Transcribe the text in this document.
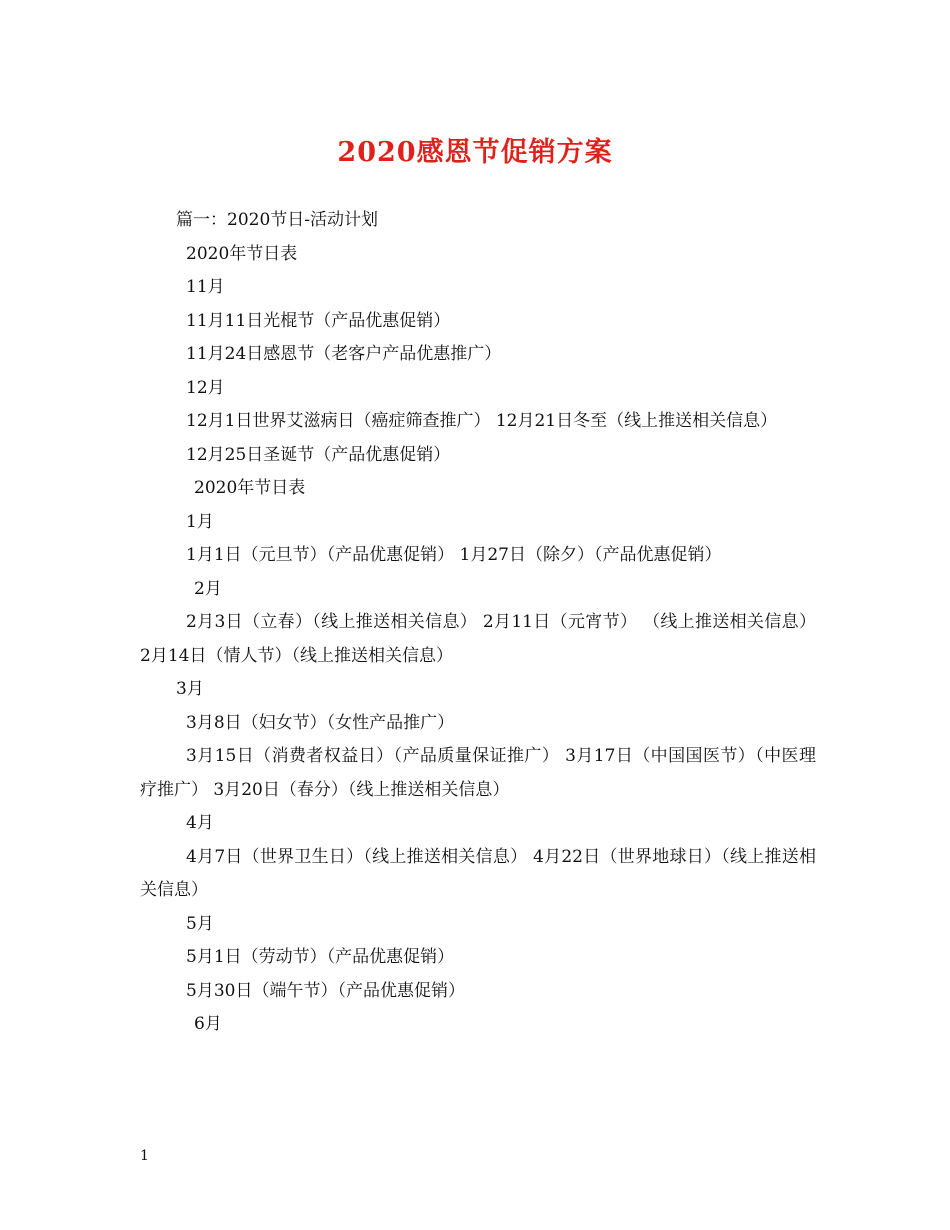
2020感恩节促销方案
篇一：2020节日-活动计划
2020年节日表
11月
11月11日光棍节（产品优惠促销）
11月24日感恩节（老客户产品优惠推广）
12月
12月1日世界艾滋病日（癌症筛查推广） 12月21日冬至（线上推送相关信息）
12月25日圣诞节（产品优惠促销）
2020年节日表
1月
1月1日（元旦节）（产品优惠促销） 1月27日（除夕）（产品优惠促销）
2月
2月3日（立春）（线上推送相关信息） 2月11日（元宵节） （线上推送相关信息） 2月14日（情人节）（线上推送相关信息）
3月
3月8日（妇女节）（女性产品推广）
3月15日（消费者权益日）（产品质量保证推广） 3月17日（中国国医节）（中医理疗推广） 3月20日（春分）（线上推送相关信息）
4月
4月7日（世界卫生日）（线上推送相关信息） 4月22日（世界地球日）（线上推送相关信息）
5月
5月1日（劳动节）（产品优惠促销）
5月30日（端午节）（产品优惠促销）
6月
1
